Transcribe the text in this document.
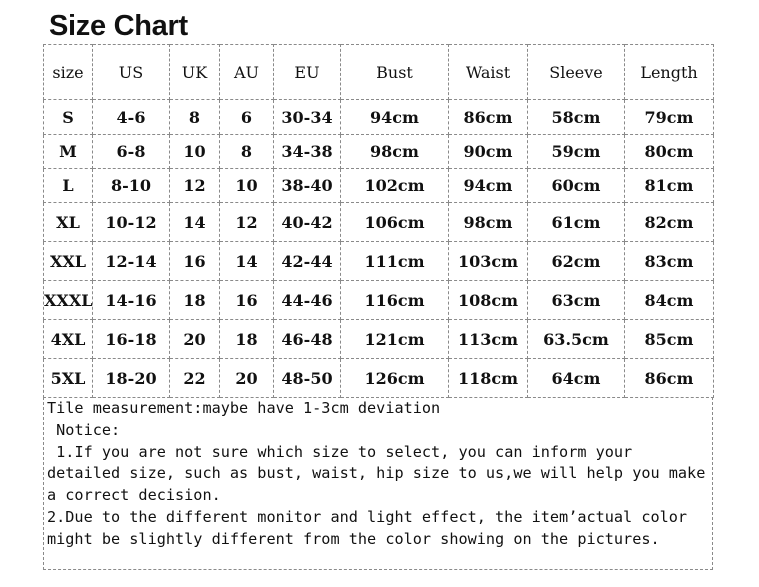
Size Chart
size	US	UK	AU	EU	Bust	Waist	Sleeve	Length
S	4-6	8	6	30-34	94cm	86cm	58cm	79cm
M	6-8	10	8	34-38	98cm	90cm	59cm	80cm
L	8-10	12	10	38-40	102cm	94cm	60cm	81cm
XL	10-12	14	12	40-42	106cm	98cm	61cm	82cm
XXL	12-14	16	14	42-44	111cm	103cm	62cm	83cm
XXXL	14-16	18	16	44-46	116cm	108cm	63cm	84cm
4XL	16-18	20	18	46-48	121cm	113cm	63.5cm	85cm
5XL	18-20	22	20	48-50	126cm	118cm	64cm	86cm

Tile measurement:maybe have 1-3cm deviation

Notice:

1.If you are not sure which size to select, you can inform your detailed size, such as bust, waist, hip size to us,we will help you make a correct decision.

2.Due to the different monitor and light effect, the item’actual color might be slightly different from the color showing on the pictures.
